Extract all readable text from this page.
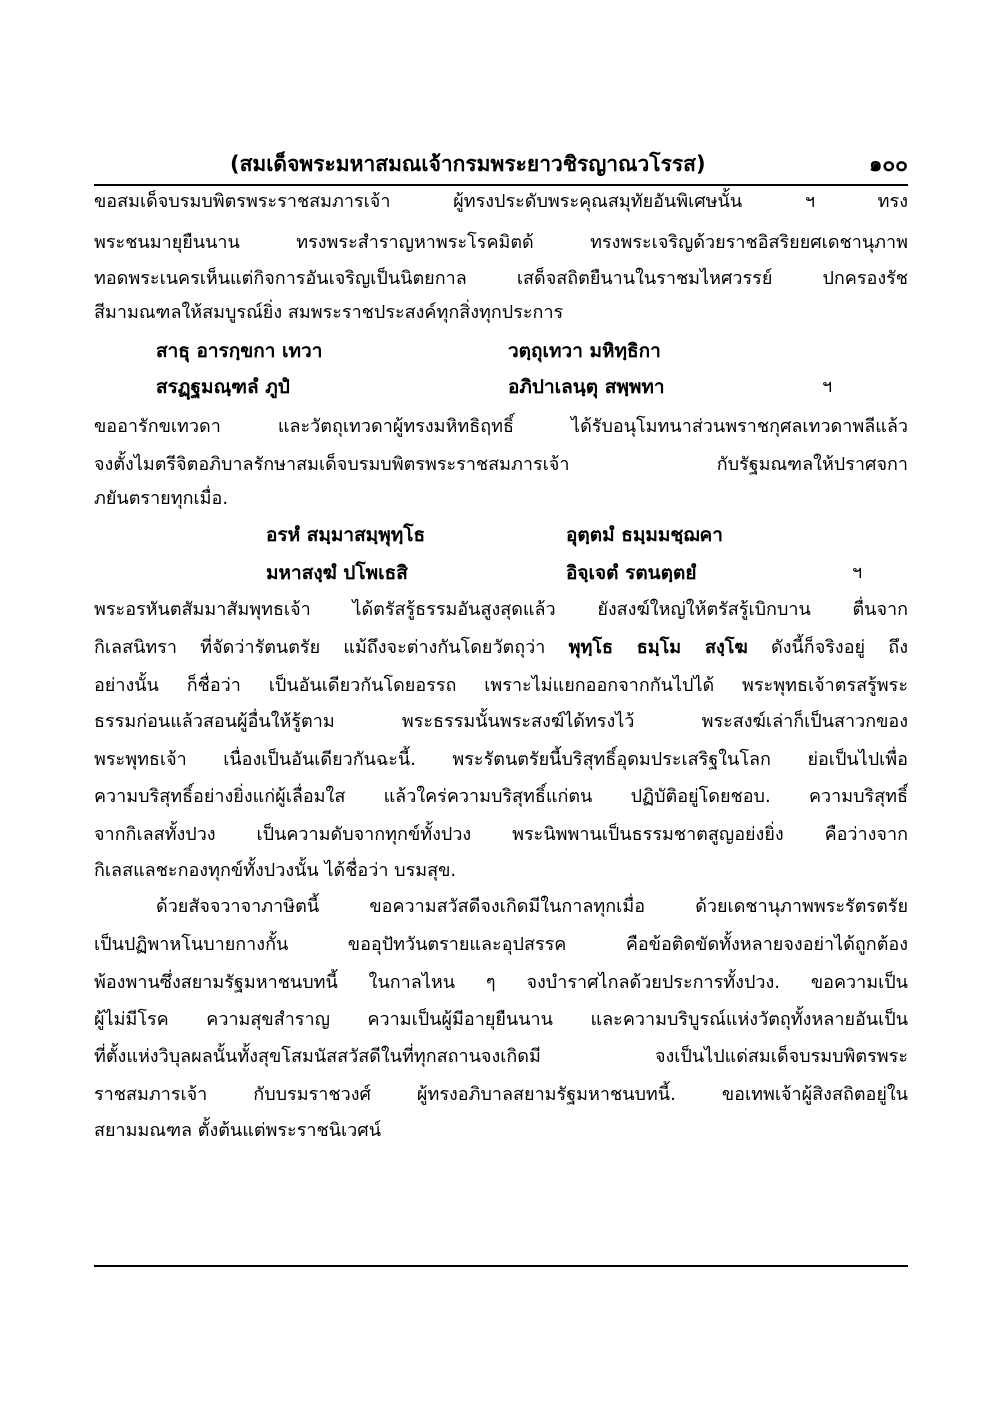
(สมเด็จพระมหาสมณเจ้ากรมพระยาวชิรญาณวโรรส)	๑๐๐
ขอสมเด็จบรมบพิตรพระราชสมภารเจ้า ผู้ทรงประดับพระคุณสมุทัยอันพิเศษนั้น ฯ ทรง
พระชนมายุยืนนาน ทรงพระสำราญหาพระโรคมิตด้ ทรงพระเจริญด้วยราชอิสริยยศเดชานุภาพ
ทอดพระเนครเห็นแต่กิจการอันเจริญเป็นนิตยกาล เสด็จสถิตยืนานในราชมไหศวรรย์ ปกครองรัช
สีมามณฑลให้สมบูรณ์ยิ่ง สมพระราชประสงค์ทุกสิ่งทุกประการ
สาธุ อารกฺขกา เทวา	วตฺถุเทวา มหิทฺธิกา
สรฏฺฐมณฺฑลํ ภูปํ	อภิปาเลนฺตุ สพฺพทา	ฯ
ขออารักขเทวดา และวัตถุเทวดาผู้ทรงมหิทธิฤทธิ์ ได้รับอนุโมทนาส่วนพราชกุศลเทวดาพลีแล้ว
จงตั้งไมตรีจิตอภิบาลรักษาสมเด็จบรมบพิตรพระราชสมภารเจ้า กับรัฐมณฑลให้ปราศจกา
ภยันตรายทุกเมื่อ.
อรหํ สมฺมาสมฺพุทฺโธ	อุตฺตมํ ธมฺมมชฺฌคา
มหาสงฺฆํ ปโพเธสิ	อิจฺเจตํ รตนตฺตยํ	ฯ
พระอรหันตสัมมาสัมพุทธเจ้า ได้ตรัสรู้ธรรมอันสูงสุดแล้ว ยังสงฆ์ใหญ่ให้ตรัสรู้เบิกบาน ตื่นจาก
กิเลสนิทรา ที่จัดว่ารัตนตรัย แม้ถึงจะต่างกันโดยวัตถุว่า พุทฺโธ ธมฺโม สงฺโฆ ดังนี้ก็จริงอยู่ ถึง
อย่างนั้น ก็ชื่อว่า เป็นอันเดียวกันโดยอรรถ เพราะไม่แยกออกจากกันไปได้ พระพุทธเจ้าตรสรู้พระ
ธรรมก่อนแล้วสอนผู้อื่นให้รู้ตาม พระธรรมนั้นพระสงฆ์ได้ทรงไว้ พระสงฆ์เล่าก็เป็นสาวกของ
พระพุทธเจ้า เนื่องเป็นอันเดียวกันฉะนี้. พระรัตนตรัยนี้บริสุทธิ์อุดมประเสริฐในโลก ย่อเป็นไปเพื่อ
ความบริสุทธิ์อย่างยิ่งแก่ผู้เลื่อมใส แล้วใคร่ความบริสุทธิ์แก่ตน ปฏิบัติอยู่โดยชอบ. ความบริสุทธิ์
จากกิเลสทั้งปวง เป็นความดับจากทุกข์ทั้งปวง พระนิพพานเป็นธรรมชาตสูญอย่งยิ่ง คือว่างจาก
กิเลสแลชะกองทุกข์ทั้งปวงนั้น ได้ชื่อว่า บรมสุข.
ด้วยสัจจวาจาภาษิตนี้ ขอความสวัสดีจงเกิดมีในกาลทุกเมื่อ ด้วยเดชานุภาพพระรัตรตรัย
เป็นปฏิพาหโนบายกางกั้น ขออุปัทวันตรายและอุปสรรค คือข้อติดขัดทั้งหลายจงอย่าได้ถูกต้อง
พ้องพานซึ่งสยามรัฐมหาชนบทนี้ ในกาลไหน ๆ จงบำราศไกลด้วยประการทั้งปวง. ขอความเป็น
ผู้ไม่มีโรค ความสุขสำราญ ความเป็นผู้มีอายุยืนนาน และความบริบูรณ์แห่งวัตถุทั้งหลายอันเป็น
ที่ตั้งแห่งวิบุลผลนั้นทั้งสุขโสมนัสสวัสดีในที่ทุกสถานจงเกิดมี จงเป็นไปแด่สมเด็จบรมบพิตรพระ
ราชสมภารเจ้า กับบรมราชวงศ์ ผู้ทรงอภิบาลสยามรัฐมหาชนบทนี้. ขอเทพเจ้าผู้สิงสถิตอยู่ใน
สยามมณฑล ตั้งต้นแต่พระราชนิเวศน์
